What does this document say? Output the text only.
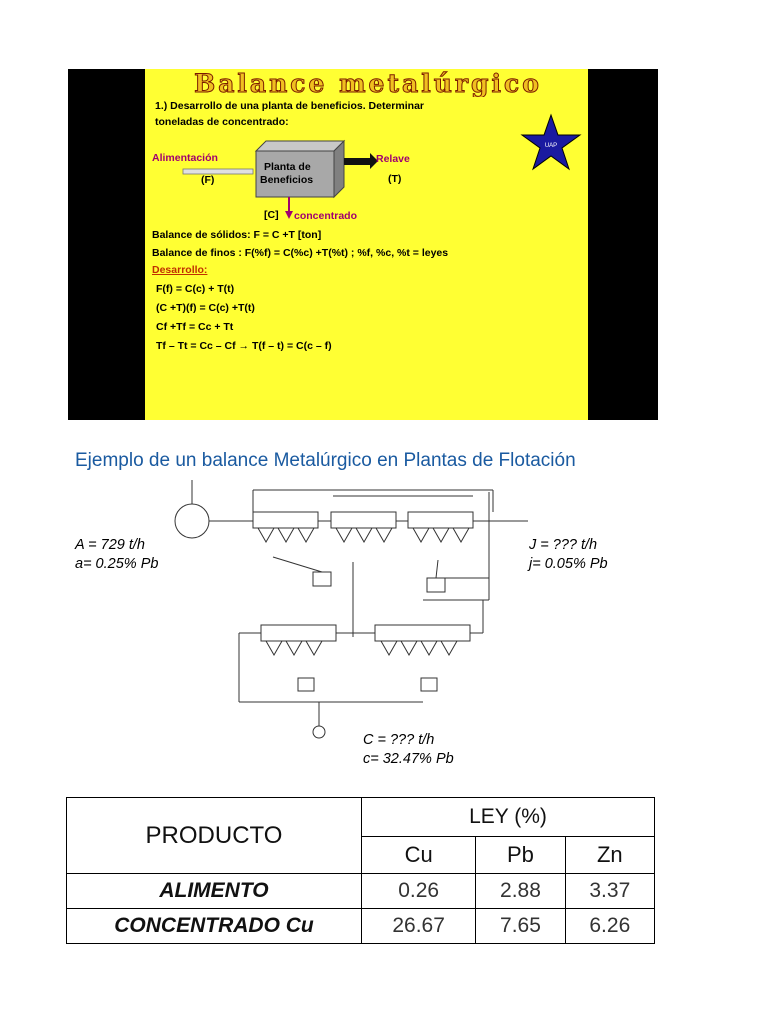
Balance metalúrgico
1.) Desarrollo de una planta de beneficios. Determinar
toneladas de concentrado:
UAP
Alimentación
(F)
Planta de
Beneficios
Relave
(T)
[C] concentrado
Balance de sólidos: F = C +T [ton]
Balance de finos : F(%f) = C(%c) +T(%t) ; %f, %c, %t = leyes
Desarrollo:
F(f) = C(c) + T(t)
(C +T)(f) = C(c) +T(t)
Cf +Tf = Cc + Tt
Tf – Tt = Cc – Cf → T(f – t) = C(c – f)
Ejemplo de un balance Metalúrgico en Plantas de Flotación
A = 729 t/h
a= 0.25% Pb
J = ??? t/h
j= 0.05% Pb
C = ??? t/h
c= 32.47% Pb
PRODUCTO	LEY (%)		
	Cu	Pb	Zn
ALIMENTO	0.26	2.88	3.37
CONCENTRADO Cu	26.67	7.65	6.26
